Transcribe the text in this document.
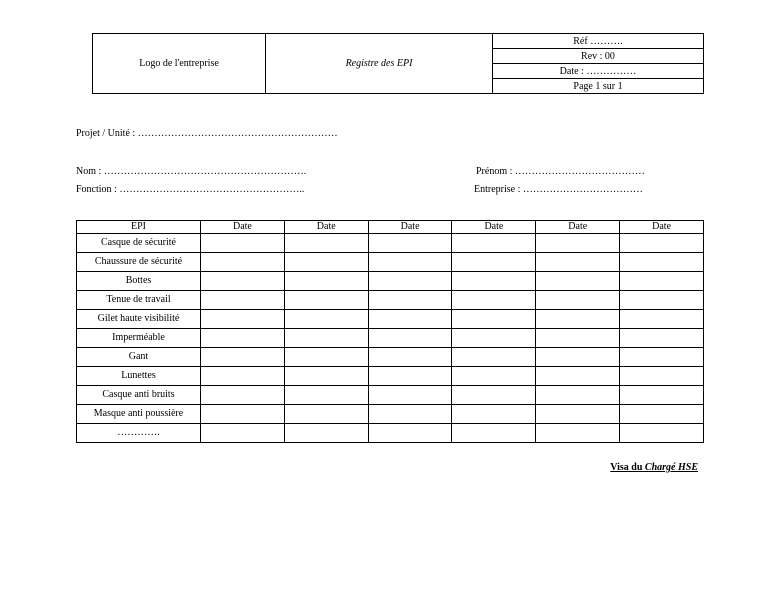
Logo de l'entreprise	Registre des EPI	Réf ……….
Rev : 00
Date : ……………
Page 1 sur 1
Projet / Unité : ……………………………………………………
Nom : …………………………………………………….	Prénom : …………………………………
Fonction : ………………………………………………..	Entreprise : ………………………………
EPI	Date	Date	Date	Date	Date	Date
Casque de sécurité						
Chaussure de sécurité						
Bottes						
Tenue de travail						
Gilet haute visibilité						
Imperméable						
Gant						
Lunettes						
Casque anti bruits						
Masque anti poussière						
………….						
Visa du Chargé HSE
